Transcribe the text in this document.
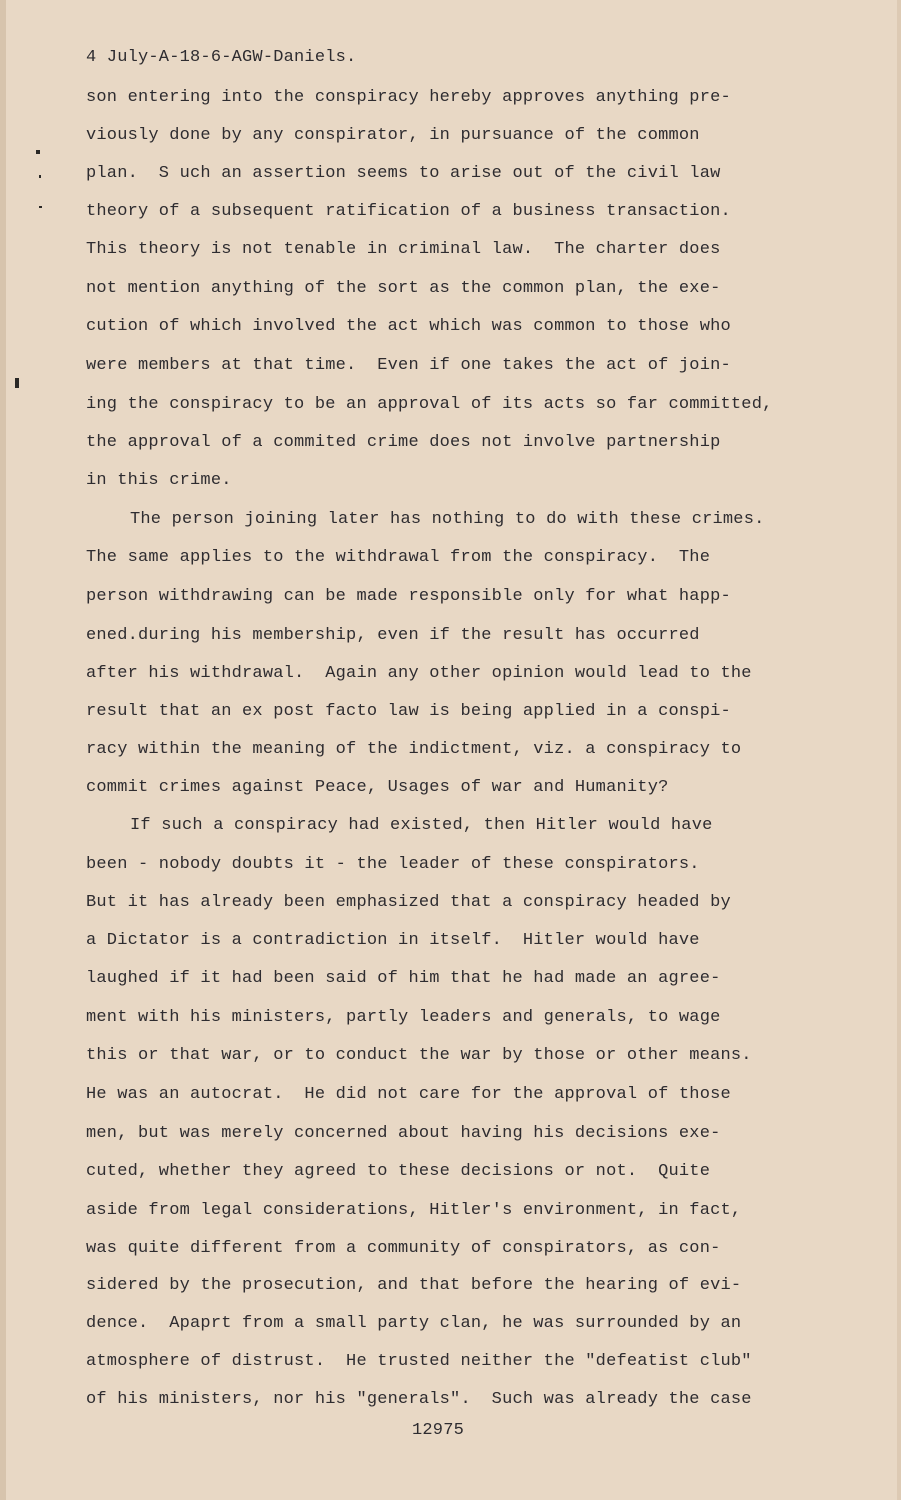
4 July-A-18-6-AGW-Daniels.
son entering into the conspiracy hereby approves anything pre-
viously done by any conspirator, in pursuance of the common
plan.  S uch an assertion seems to arise out of the civil law
theory of a subsequent ratification of a business transaction.
This theory is not tenable in criminal law.  The charter does
not mention anything of the sort as the common plan, the exe-
cution of which involved the act which was common to those who
were members at that time.  Even if one takes the act of join-
ing the conspiracy to be an approval of its acts so far committed,
the approval of a commited crime does not involve partnership
in this crime.
The person joining later has nothing to do with these crimes.
The same applies to the withdrawal from the conspiracy.  The
person withdrawing can be made responsible only for what happ-
ened.during his membership, even if the result has occurred
after his withdrawal.  Again any other opinion would lead to the
result that an ex post facto law is being applied in a conspi-
racy within the meaning of the indictment, viz. a conspiracy to
commit crimes against Peace, Usages of war and Humanity?
If such a conspiracy had existed, then Hitler would have
been - nobody doubts it - the leader of these conspirators.
But it has already been emphasized that a conspiracy headed by
a Dictator is a contradiction in itself.  Hitler would have
laughed if it had been said of him that he had made an agree-
ment with his ministers, partly leaders and generals, to wage
this or that war, or to conduct the war by those or other means.
He was an autocrat.  He did not care for the approval of those
men, but was merely concerned about having his decisions exe-
cuted, whether they agreed to these decisions or not.  Quite
aside from legal considerations, Hitler's environment, in fact,
was quite different from a community of conspirators, as con-
sidered by the prosecution, and that before the hearing of evi-
dence.  Apaprt from a small party clan, he was surrounded by an
atmosphere of distrust.  He trusted neither the "defeatist club"
of his ministers, nor his "generals".  Such was already the case
12975
